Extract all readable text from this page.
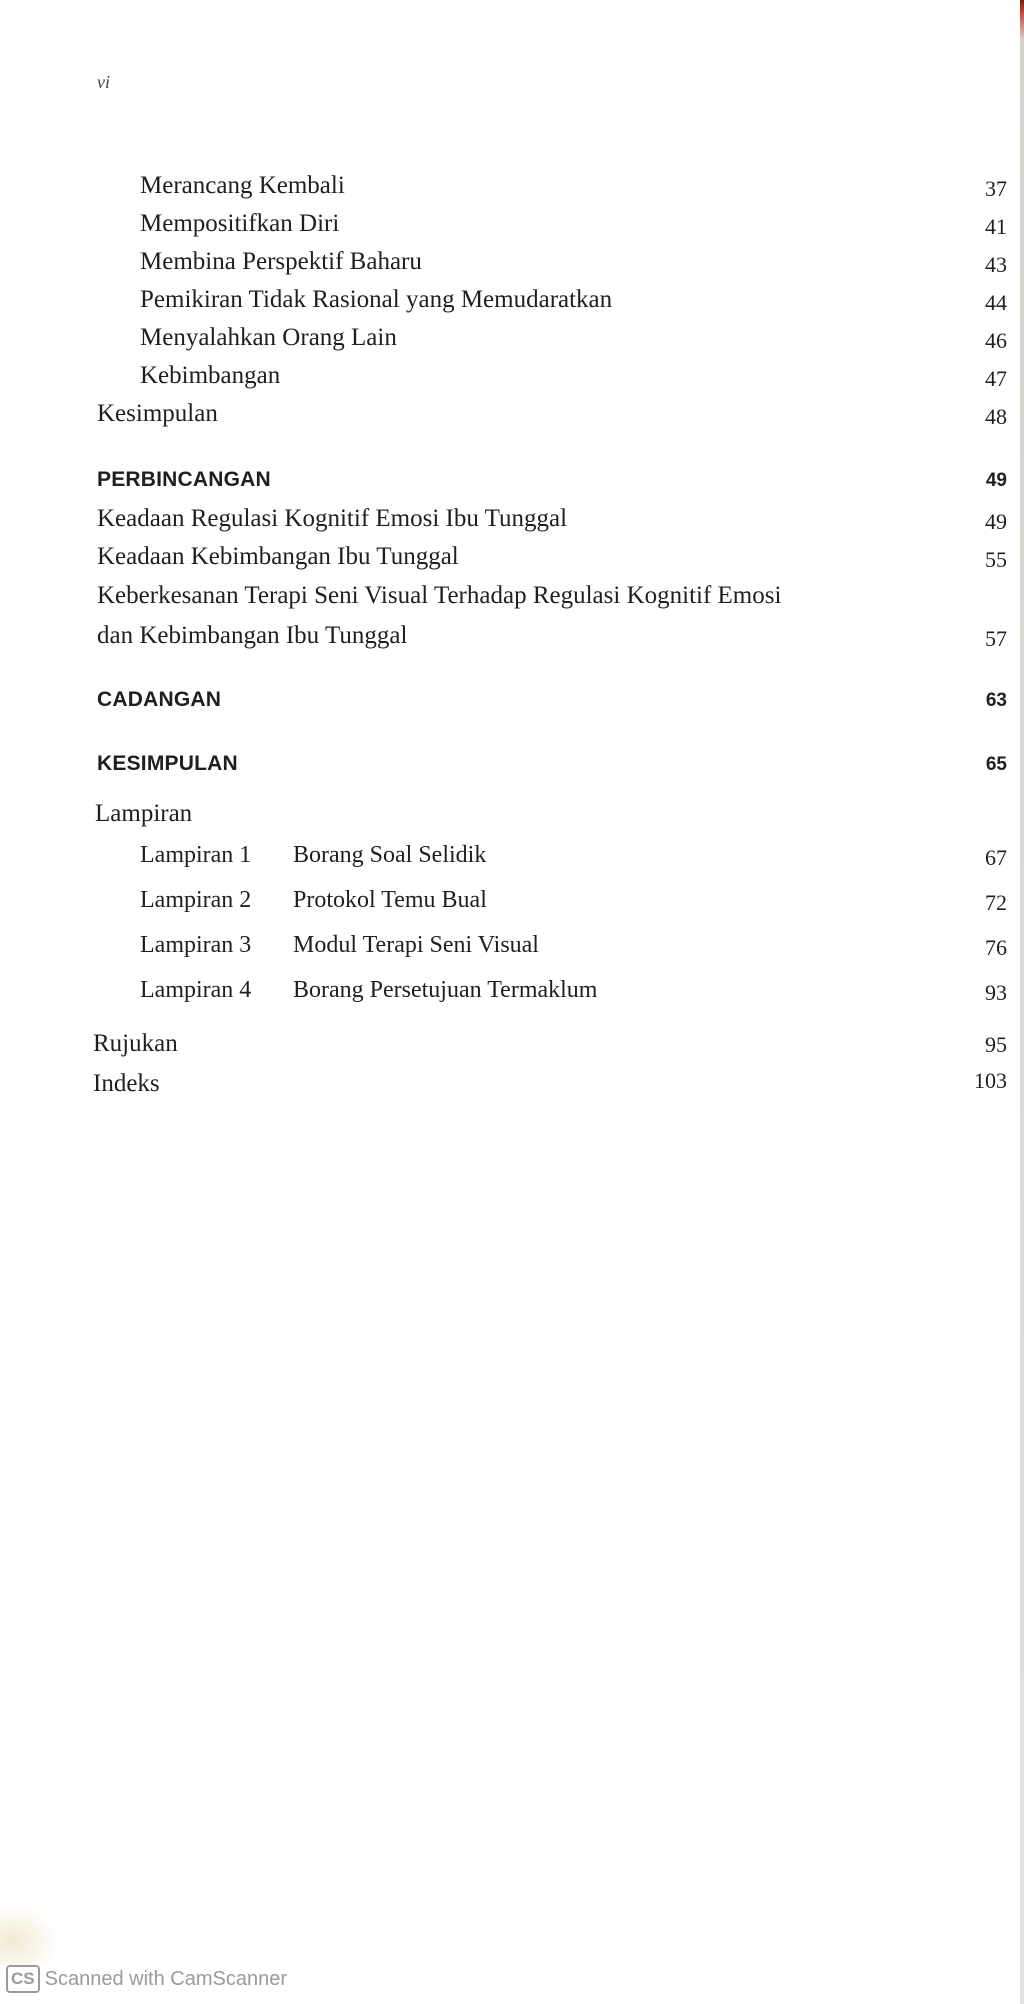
vi
Merancang Kembali	37
Mempositifkan Diri	41
Membina Perspektif Baharu	43
Pemikiran Tidak Rasional yang Memudaratkan	44
Menyalahkan Orang Lain	46
Kebimbangan	47
Kesimpulan	48
PERBINCANGAN	49
Keadaan Regulasi Kognitif Emosi Ibu Tunggal	49
Keadaan Kebimbangan Ibu Tunggal	55
Keberkesanan Terapi Seni Visual Terhadap Regulasi Kognitif Emosi
dan Kebimbangan Ibu Tunggal	57
CADANGAN	63
KESIMPULAN	65
Lampiran
Lampiran 1 Borang Soal Selidik	67
Lampiran 2 Protokol Temu Bual	72
Lampiran 3 Modul Terapi Seni Visual	76
Lampiran 4 Borang Persetujuan Termaklum	93
Rujukan	95
Indeks	103
CS Scanned with CamScanner
